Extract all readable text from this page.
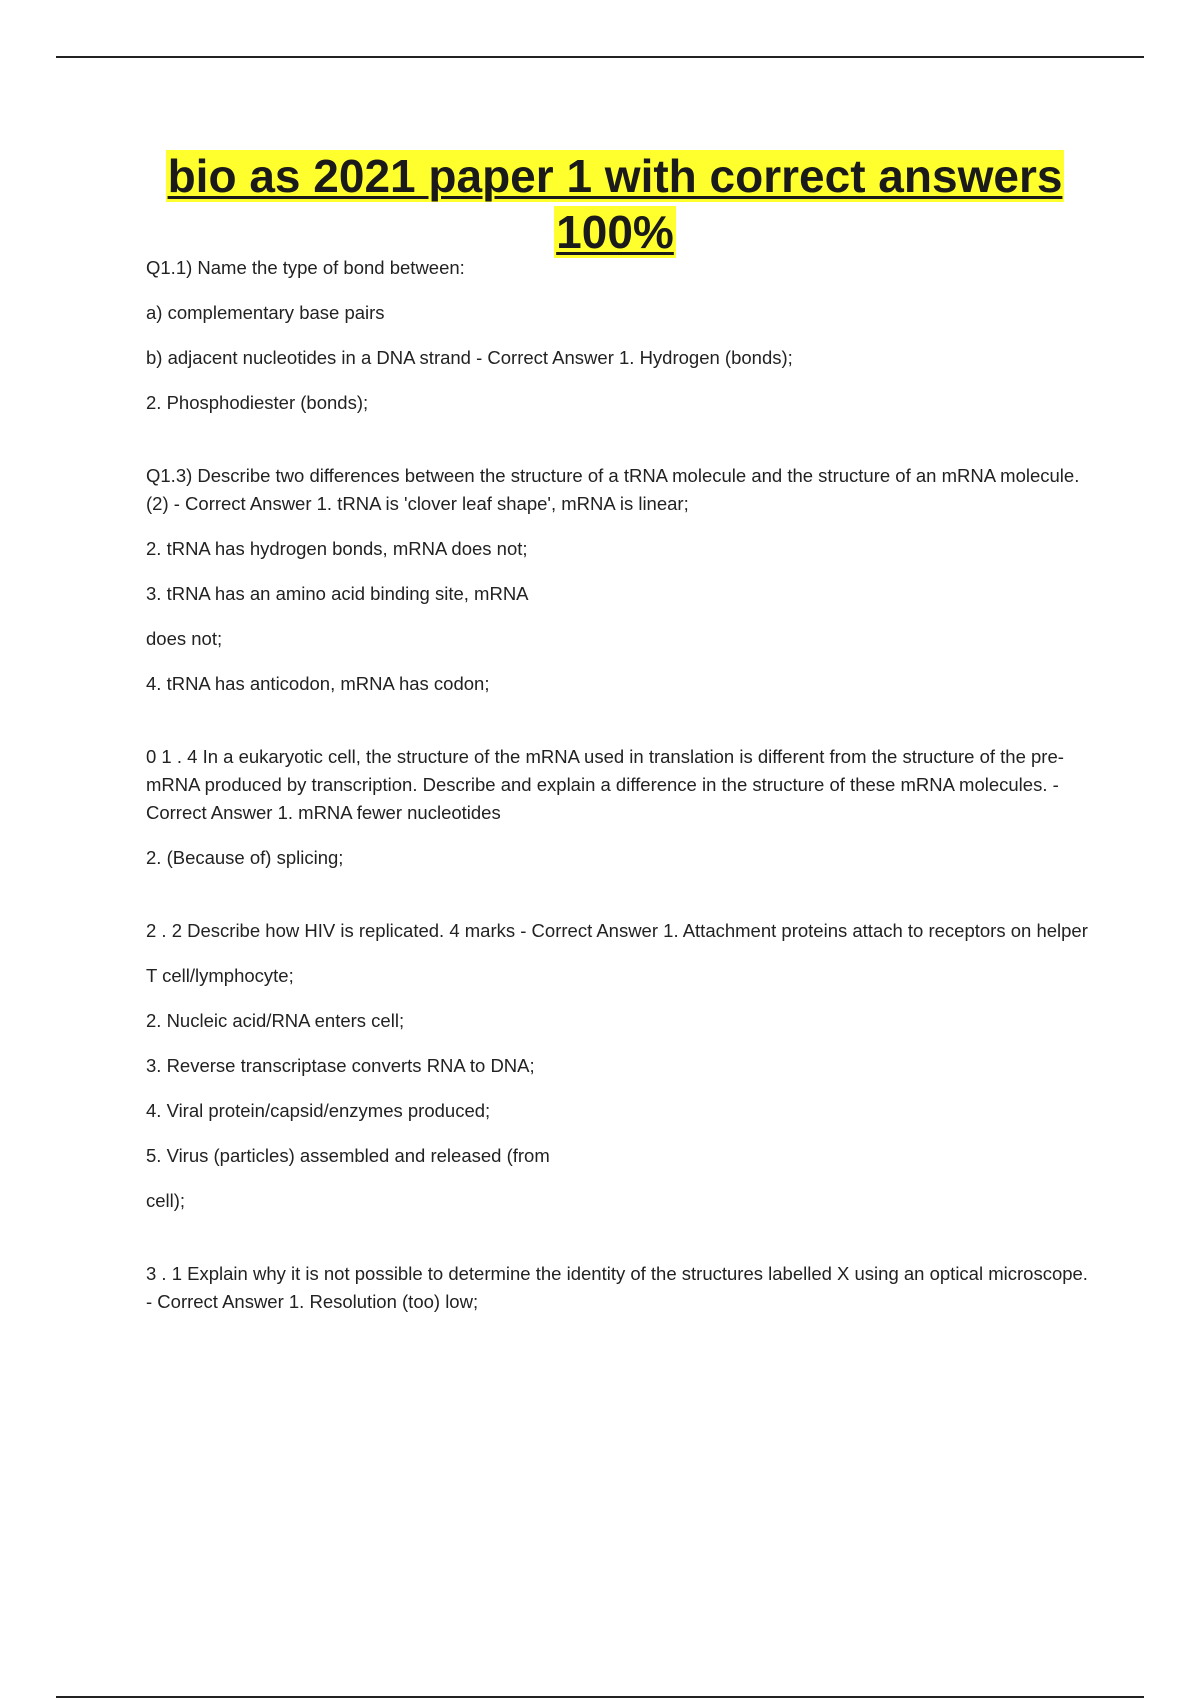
bio as 2021 paper 1 with correct answers 100%

Q1.1) Name the type of bond between:

a) complementary base pairs

b) adjacent nucleotides in a DNA strand - Correct Answer 1. Hydrogen (bonds);

2. Phosphodiester (bonds);

Q1.3) Describe two differences between the structure of a tRNA molecule and the structure of an mRNA molecule. (2) - Correct Answer 1. tRNA is 'clover leaf shape', mRNA is linear;

2. tRNA has hydrogen bonds, mRNA does not;

3. tRNA has an amino acid binding site, mRNA

does not;

4. tRNA has anticodon, mRNA has codon;

0 1 . 4 In a eukaryotic cell, the structure of the mRNA used in translation is different from the structure of the pre-mRNA produced by transcription. Describe and explain a difference in the structure of these mRNA molecules. - Correct Answer 1. mRNA fewer nucleotides

2. (Because of) splicing;

2 . 2 Describe how HIV is replicated. 4 marks - Correct Answer 1. Attachment proteins attach to receptors on helper

T cell/lymphocyte;

2. Nucleic acid/RNA enters cell;

3. Reverse transcriptase converts RNA to DNA;

4. Viral protein/capsid/enzymes produced;

5. Virus (particles) assembled and released (from

cell);

3 . 1 Explain why it is not possible to determine the identity of the structures labelled X using an optical microscope. - Correct Answer 1. Resolution (too) low;
